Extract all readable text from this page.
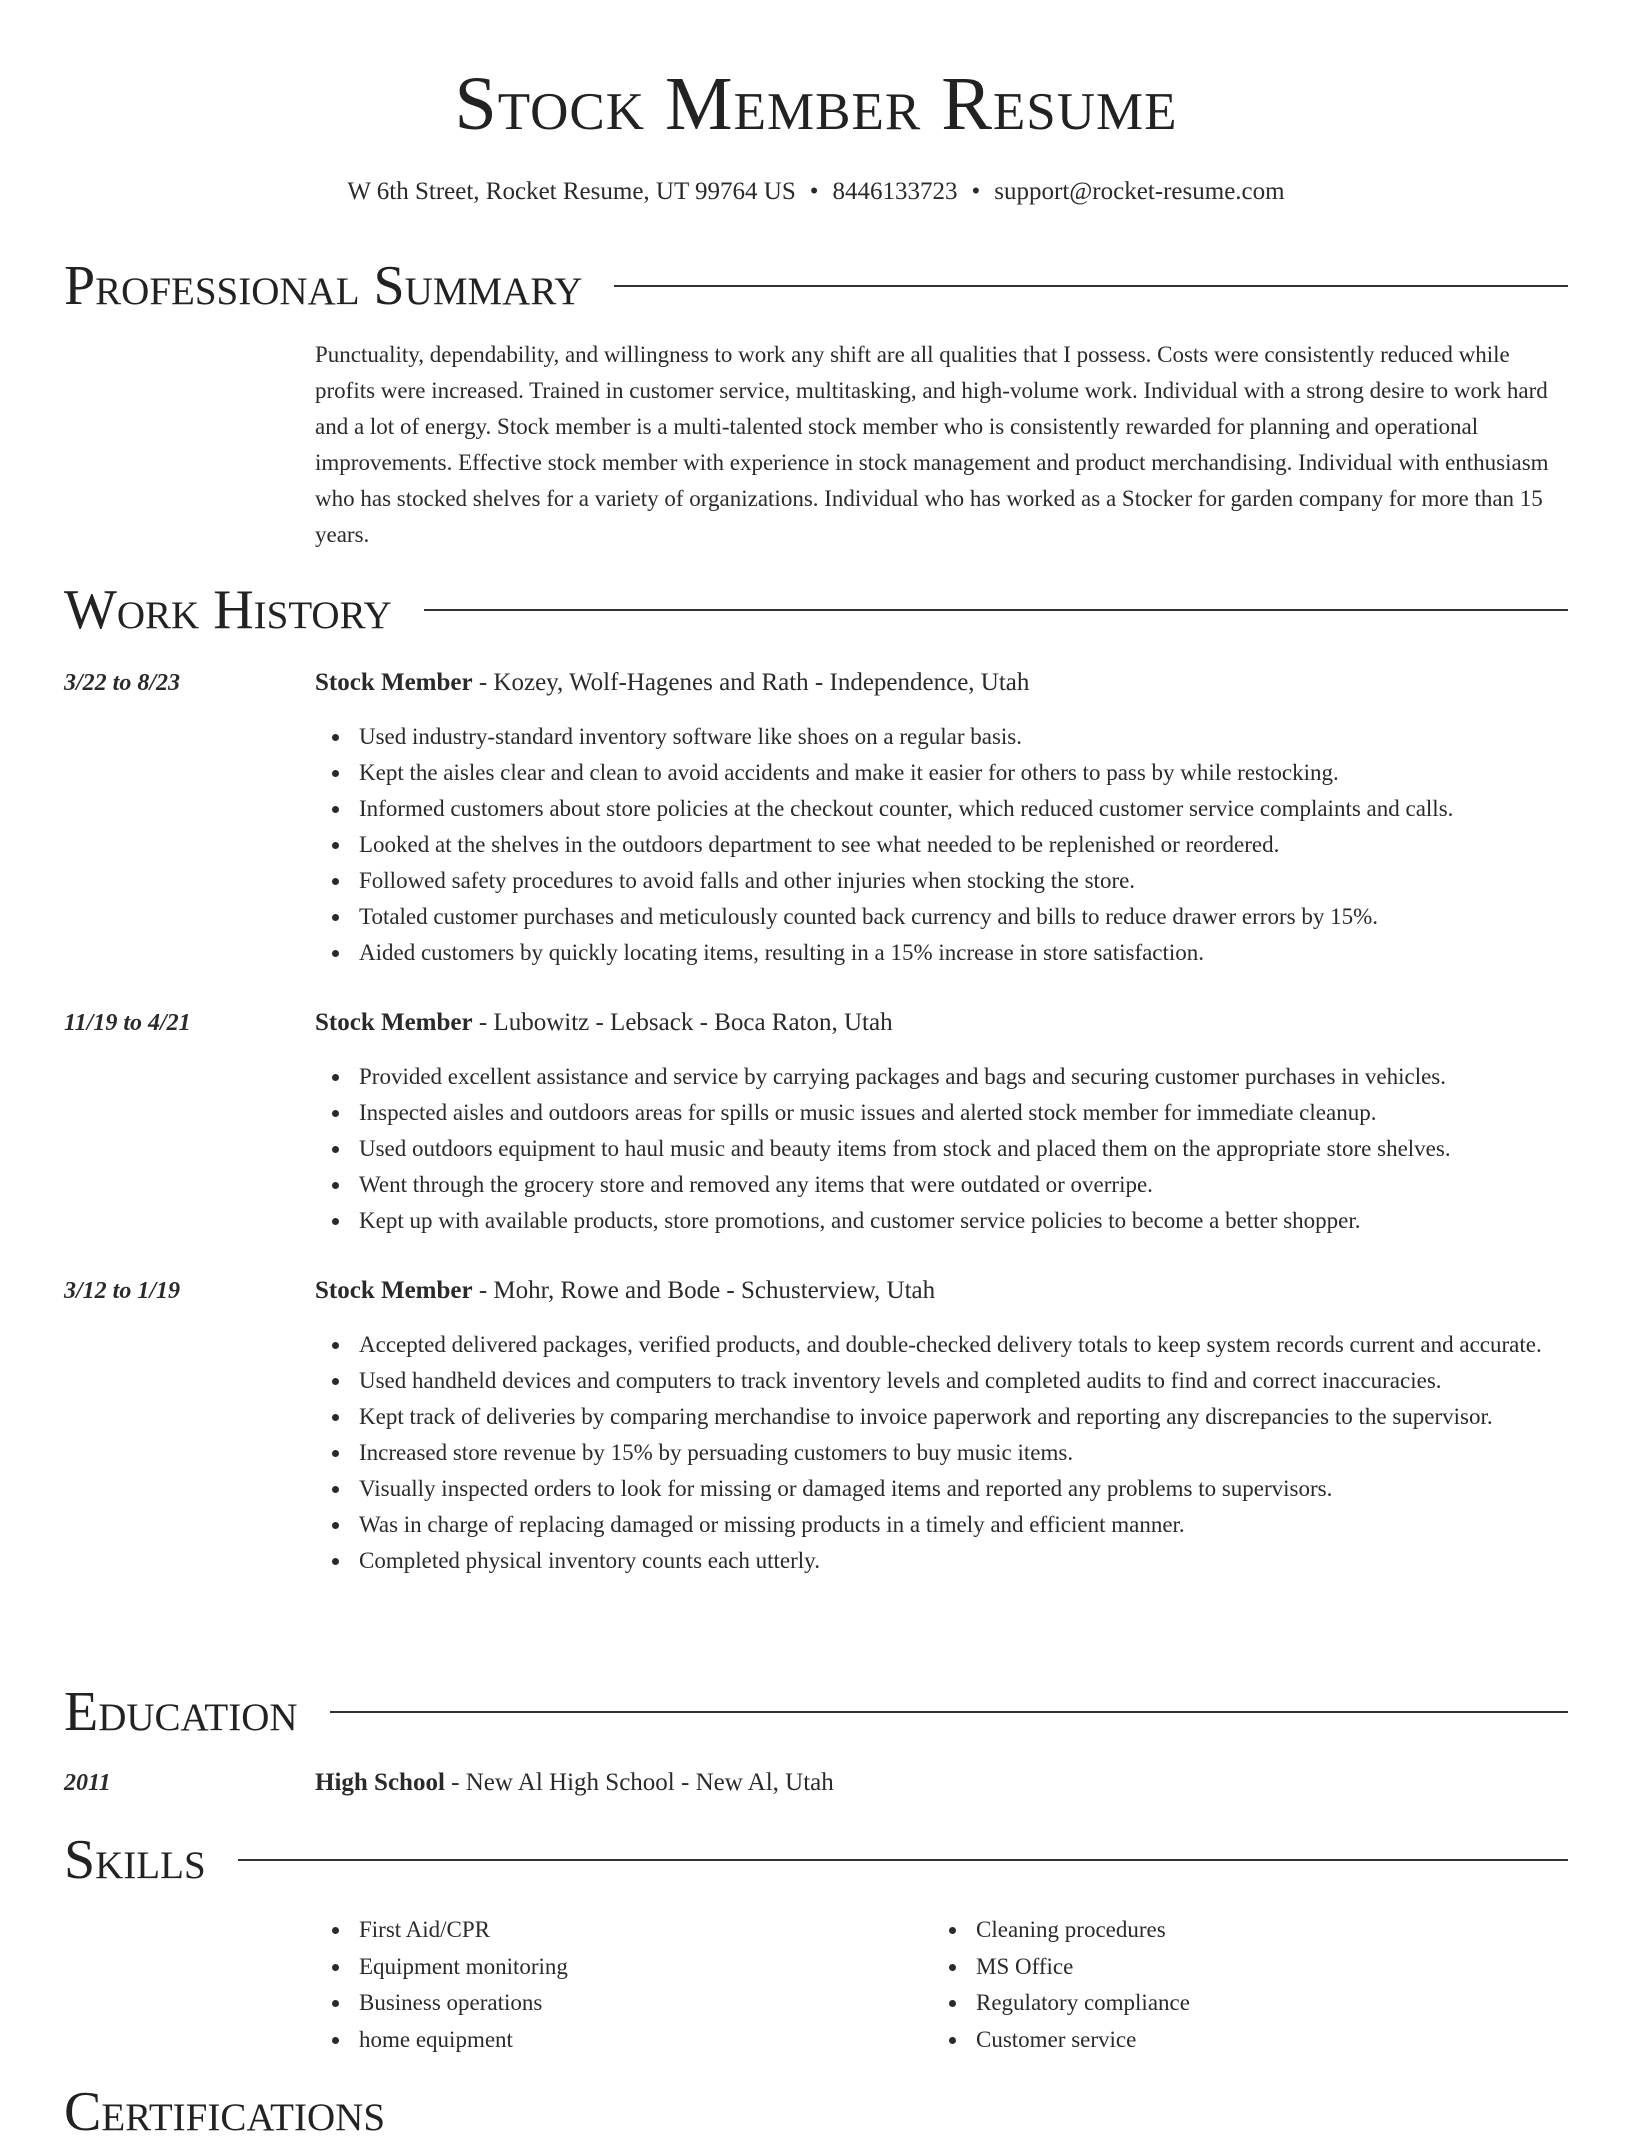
Stock Member Resume
W 6th Street, Rocket Resume, UT 99764 US • 8446133723 • support@rocket-resume.com
Professional Summary
Punctuality, dependability, and willingness to work any shift are all qualities that I possess. Costs were consistently reduced while profits were increased. Trained in customer service, multitasking, and high-volume work. Individual with a strong desire to work hard and a lot of energy. Stock member is a multi-talented stock member who is consistently rewarded for planning and operational improvements. Effective stock member with experience in stock management and product merchandising. Individual with enthusiasm who has stocked shelves for a variety of organizations. Individual who has worked as a Stocker for garden company for more than 15 years.
Work History
3/22 to 8/23	Stock Member - Kozey, Wolf-Hagenes and Rath - Independence, Utah
Used industry-standard inventory software like shoes on a regular basis.
Kept the aisles clear and clean to avoid accidents and make it easier for others to pass by while restocking.
Informed customers about store policies at the checkout counter, which reduced customer service complaints and calls.
Looked at the shelves in the outdoors department to see what needed to be replenished or reordered.
Followed safety procedures to avoid falls and other injuries when stocking the store.
Totaled customer purchases and meticulously counted back currency and bills to reduce drawer errors by 15%.
Aided customers by quickly locating items, resulting in a 15% increase in store satisfaction.
11/19 to 4/21	Stock Member - Lubowitz - Lebsack - Boca Raton, Utah
Provided excellent assistance and service by carrying packages and bags and securing customer purchases in vehicles.
Inspected aisles and outdoors areas for spills or music issues and alerted stock member for immediate cleanup.
Used outdoors equipment to haul music and beauty items from stock and placed them on the appropriate store shelves.
Went through the grocery store and removed any items that were outdated or overripe.
Kept up with available products, store promotions, and customer service policies to become a better shopper.
3/12 to 1/19	Stock Member - Mohr, Rowe and Bode - Schusterview, Utah
Accepted delivered packages, verified products, and double-checked delivery totals to keep system records current and accurate.
Used handheld devices and computers to track inventory levels and completed audits to find and correct inaccuracies.
Kept track of deliveries by comparing merchandise to invoice paperwork and reporting any discrepancies to the supervisor.
Increased store revenue by 15% by persuading customers to buy music items.
Visually inspected orders to look for missing or damaged items and reported any problems to supervisors.
Was in charge of replacing damaged or missing products in a timely and efficient manner.
Completed physical inventory counts each utterly.
Education
2011	High School - New Al High School - New Al, Utah
Skills
First Aid/CPR
Equipment monitoring
Business operations
home equipment
Cleaning procedures
MS Office
Regulatory compliance
Customer service
Certifications
